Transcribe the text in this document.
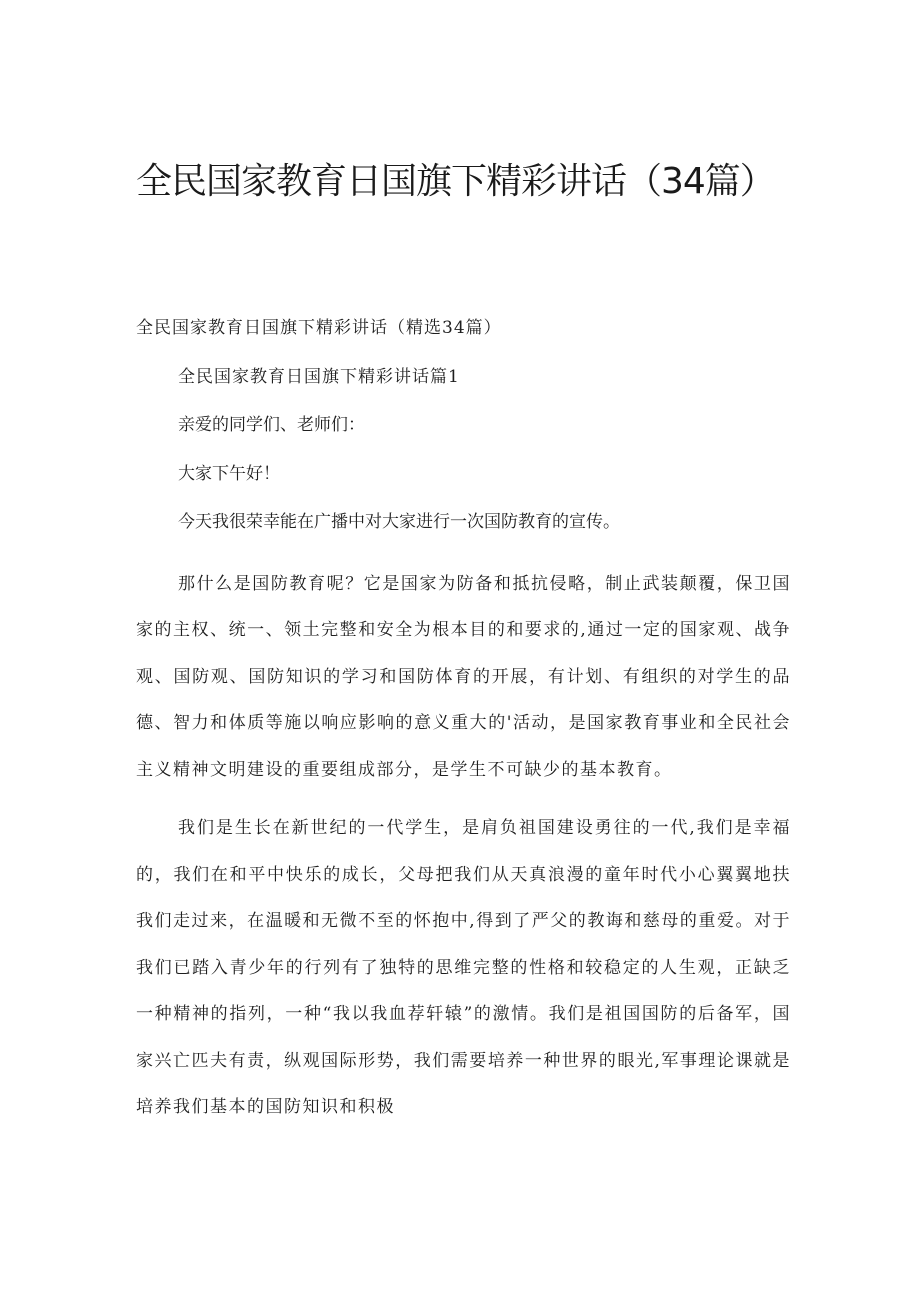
全民国家教育日国旗下精彩讲话（34篇）

全民国家教育日国旗下精彩讲话（精选34篇）

全民国家教育日国旗下精彩讲话篇1

亲爱的同学们、老师们：

大家下午好！

今天我很荣幸能在广播中对大家进行一次国防教育的宣传。

那什么是国防教育呢？它是国家为防备和抵抗侵略，制止武装颠覆，保卫国家的主权、统一、领土完整和安全为根本目的和要求的,通过一定的国家观、战争观、国防观、国防知识的学习和国防体育的开展，有计划、有组织的对学生的品德、智力和体质等施以响应影响的意义重大的'活动，是国家教育事业和全民社会主义精神文明建设的重要组成部分，是学生不可缺少的基本教育。

我们是生长在新世纪的一代学生，是肩负祖国建设勇往的一代,我们是幸福的，我们在和平中快乐的成长，父母把我们从天真浪漫的童年时代小心翼翼地扶我们走过来，在温暖和无微不至的怀抱中,得到了严父的教诲和慈母的重爱。对于我们已踏入青少年的行列有了独特的思维完整的性格和较稳定的人生观，正缺乏一种精神的指列，一种“我以我血荐轩辕”的激情。我们是祖国国防的后备军，国家兴亡匹夫有责，纵观国际形势，我们需要培养一种世界的眼光,军事理论课就是培养我们基本的国防知识和积极
